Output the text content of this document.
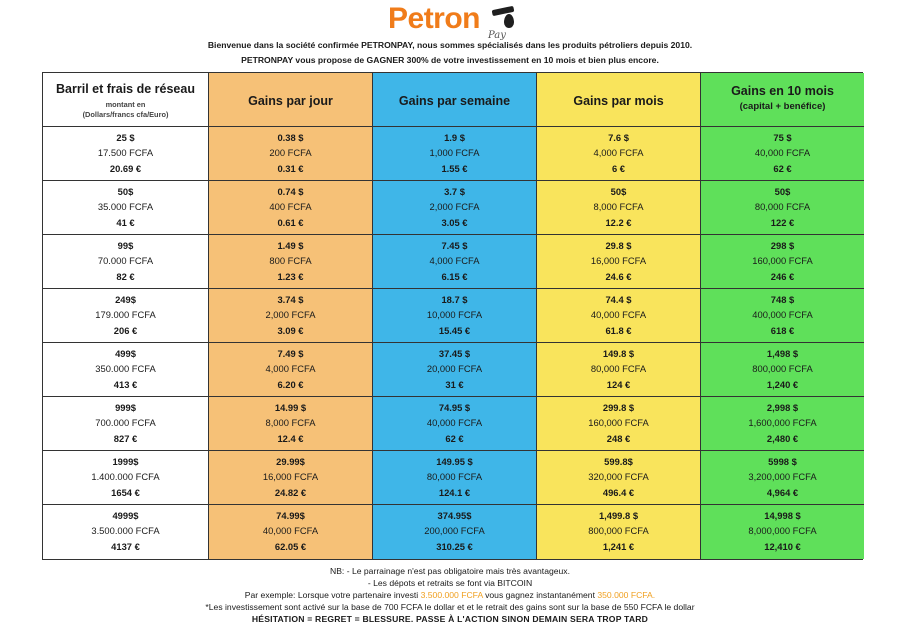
Petron
Pay
Bienvenue dans la société confirmée PETRONPAY, nous sommes spécialisés dans les produits pétroliers depuis 2010.
PETRONPAY vous propose de GAGNER 300% de votre investissement en 10 mois et bien plus encore.
Barril et frais de réseau
montant en
(Dollars/francs cfa/Euro)
25 $
17.500 FCFA
20.69 €
50$
35.000 FCFA
41 €
99$
70.000 FCFA
82 €
249$
179.000 FCFA
206 €
499$
350.000 FCFA
413 €
999$
700.000 FCFA
827 €
1999$
1.400.000 FCFA
1654 €
4999$
3.500.000 FCFA
4137 €
Gains par jour
0.38 $
200 FCFA
0.31 €
0.74 $
400 FCFA
0.61 €
1.49 $
800 FCFA
1.23 €
3.74 $
2,000 FCFA
3.09 €
7.49 $
4,000 FCFA
6.20 €
14.99 $
8,000 FCFA
12.4 €
29.99$
16,000 FCFA
24.82 €
74.99$
40,000 FCFA
62.05 €
Gains par semaine
1.9 $
1,000 FCFA
1.55 €
3.7 $
2,000 FCFA
3.05 €
7.45 $
4,000 FCFA
6.15 €
18.7 $
10,000 FCFA
15.45 €
37.45 $
20,000 FCFA
31 €
74.95 $
40,000 FCFA
62 €
149.95 $
80,000 FCFA
124.1 €
374.95$
200,000 FCFA
310.25 €
Gains par mois
7.6 $
4,000 FCFA
6 €
50$
8,000 FCFA
12.2 €
29.8 $
16,000 FCFA
24.6 €
74.4 $
40,000 FCFA
61.8 €
149.8 $
80,000 FCFA
124 €
299.8 $
160,000 FCFA
248 €
599.8$
320,000 FCFA
496.4 €
1,499.8 $
800,000 FCFA
1,241 €
Gains en 10 mois
(capital + benéfice)
75 $
40,000 FCFA
62 €
50$
80,000 FCFA
122 €
298 $
160,000 FCFA
246 €
748 $
400,000 FCFA
618 €
1,498 $
800,000 FCFA
1,240 €
2,998 $
1,600,000 FCFA
2,480 €
5998 $
3,200,000 FCFA
4,964 €
14,998 $
8,000,000 FCFA
12,410 €
NB: - Le parrainage n'est pas obligatoire mais très avantageux.
- Les dépots et retraits se font via BITCOIN
Par exemple: Lorsque votre partenaire investi 3.500.000 FCFA vous gagnez instantanément 350.000 FCFA.
*Les investissement sont activé sur la base de 700 FCFA le dollar et et le retrait des gains sont sur la base de 550 FCFA le dollar
HÉSITATION = REGRET = BLESSURE. PASSE À L'ACTION SINON DEMAIN SERA TROP TARD
